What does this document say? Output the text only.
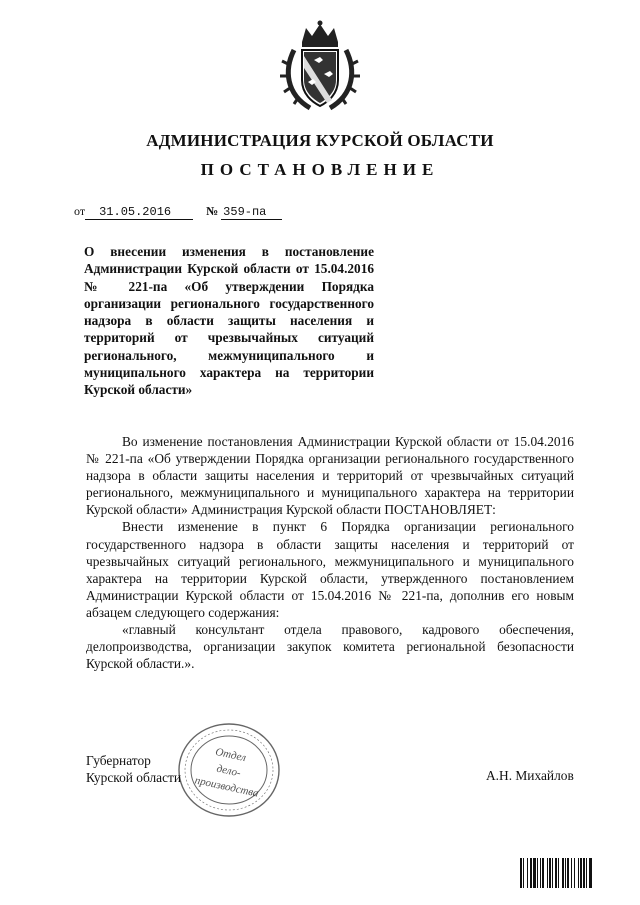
АДМИНИСТРАЦИЯ КУРСКОЙ ОБЛАСТИ
ПОСТАНОВЛЕНИЕ
от 31.05.2016	№ 359-па

О внесении изменения в постановление Администрации Курской области от 15.04.2016 № 221-па «Об утверждении Порядка организации регионального государственного надзора в области защиты населения и территорий от чрезвычайных ситуаций регионального, межмуниципального и муниципального характера на территории Курской области»

Во изменение постановления Администрации Курской области от 15.04.2016 № 221-па «Об утверждении Порядка организации регионального государственного надзора в области защиты населения и территорий от чрезвычайных ситуаций регионального, межмуниципального и муниципального характера на территории Курской области» Администрация Курской области ПОСТАНОВЛЯЕТ:

Внести изменение в пункт 6 Порядка организации регионального государственного надзора в области защиты населения и территорий от чрезвычайных ситуаций регионального, межмуниципального и муниципального характера на территории Курской области, утвержденного постановлением Администрации Курской области от 15.04.2016 № 221-па, дополнив его новым абзацем следующего содержания:

«главный консультант отдела правового, кадрового обеспечения, делопроизводства, организации закупок комитета региональной безопасности Курской области.».

Отдел
дело-
производства
Губернатор
Курской области	А.Н. Михайлов
